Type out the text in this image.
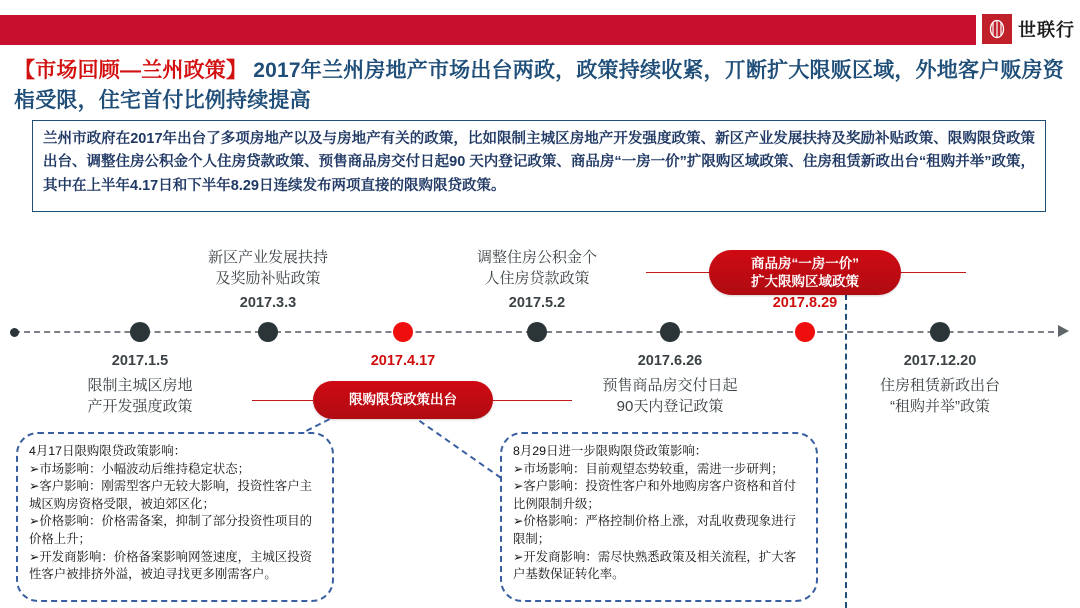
世联行
【市场回顾—兰州政策】 2017年兰州房地产市场出台两政，政策持续收紧，丌断扩大限贩区域，外地客户贩房资栺受限，住宅首付比例持续提高
兰州市政府在2017年出台了多项房地产以及与房地产有关的政策，比如限制主城区房地产开发强度政策、新区产业发展扶持及奖励补贴政策、限购限贷政策出台、调整住房公积金个人住房贷款政策、预售商品房交付日起90 天内登记政策、商品房“一房一价”扩限购区域政策、住房租赁新政出台“租购并举”政策，其中在上半年4.17日和下半年8.29日连续发布两项直接的限购限贷政策。
2017.1.5
限制主城区房地
产开发强度政策
2017.3.3
新区产业发展扶持
及奖励补贴政策
2017.4.17
限购限贷政策出台
2017.5.2
调整住房公积金个
人住房贷款政策
2017.6.26
预售商品房交付日起
90天内登记政策
2017.8.29
商品房“一房一价”
扩大限购区域政策
2017.12.20
住房租赁新政出台
“租购并举”政策

4月17日限购限贷政策影响：

➢市场影响：小幅波动后维持稳定状态；

➢客户影响：刚需型客户无较大影响，投资性客户主城区购房资格受限，被迫郊区化；

➢价格影响：价格需备案，抑制了部分投资性项目的价格上升；

➢开发商影响：价格备案影响网签速度，主城区投资性客户被排挤外溢，被迫寻找更多刚需客户。

8月29日进一步限购限贷政策影响：

➢市场影响：目前观望态势较重，需进一步研判；

➢客户影响：投资性客户和外地购房客户资格和首付比例限制升级；

➢价格影响：严格控制价格上涨，对乱收费现象进行限制；

➢开发商影响：需尽快熟悉政策及相关流程，扩大客户基数保证转化率。
